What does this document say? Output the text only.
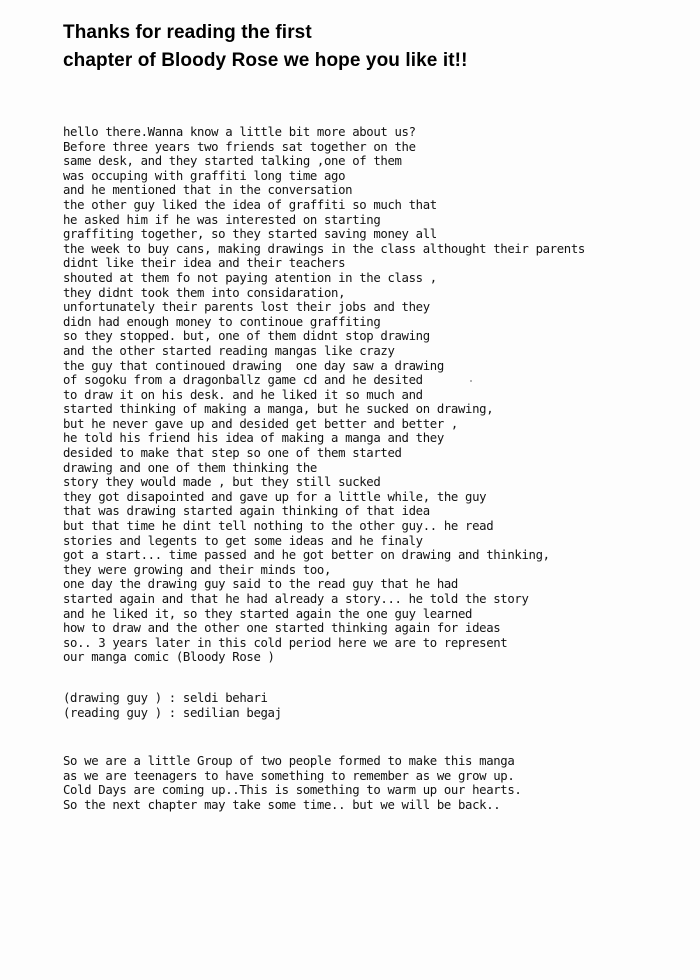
Thanks for reading the first
chapter of Bloody Rose we hope you like it!!
hello there.Wanna know a little bit more about us?
Before three years two friends sat together on the
same desk, and they started talking ,one of them
was occuping with graffiti long time ago
and he mentioned that in the conversation
the other guy liked the idea of graffiti so much that
he asked him if he was interested on starting
graffiting together, so they started saving money all
the week to buy cans, making drawings in the class althought their parents
didnt like their idea and their teachers
shouted at them fo not paying atention in the class ,
they didnt took them into considaration,
unfortunately their parents lost their jobs and they
didn had enough money to continoue graffiting
so they stopped. but, one of them didnt stop drawing
and the other started reading mangas like crazy
the guy that continoued drawing  one day saw a drawing
of sogoku from a dragonballz game cd and he desited
to draw it on his desk. and he liked it so much and
started thinking of making a manga, but he sucked on drawing,
but he never gave up and desided get better and better ,
he told his friend his idea of making a manga and they
desided to make that step so one of them started
drawing and one of them thinking the
story they would made , but they still sucked
they got disapointed and gave up for a little while, the guy
that was drawing started again thinking of that idea
but that time he dint tell nothing to the other guy.. he read
stories and legents to get some ideas and he finaly
got a start... time passed and he got better on drawing and thinking,
they were growing and their minds too,
one day the drawing guy said to the read guy that he had
started again and that he had already a story... he told the story
and he liked it, so they started again the one guy learned
how to draw and the other one started thinking again for ideas
so.. 3 years later in this cold period here we are to represent
our manga comic (Bloody Rose )
(drawing guy ) : seldi behari
(reading guy ) : sedilian begaj
So we are a little Group of two people formed to make this manga
as we are teenagers to have something to remember as we grow up.
Cold Days are coming up..This is something to warm up our hearts.
So the next chapter may take some time.. but we will be back..
